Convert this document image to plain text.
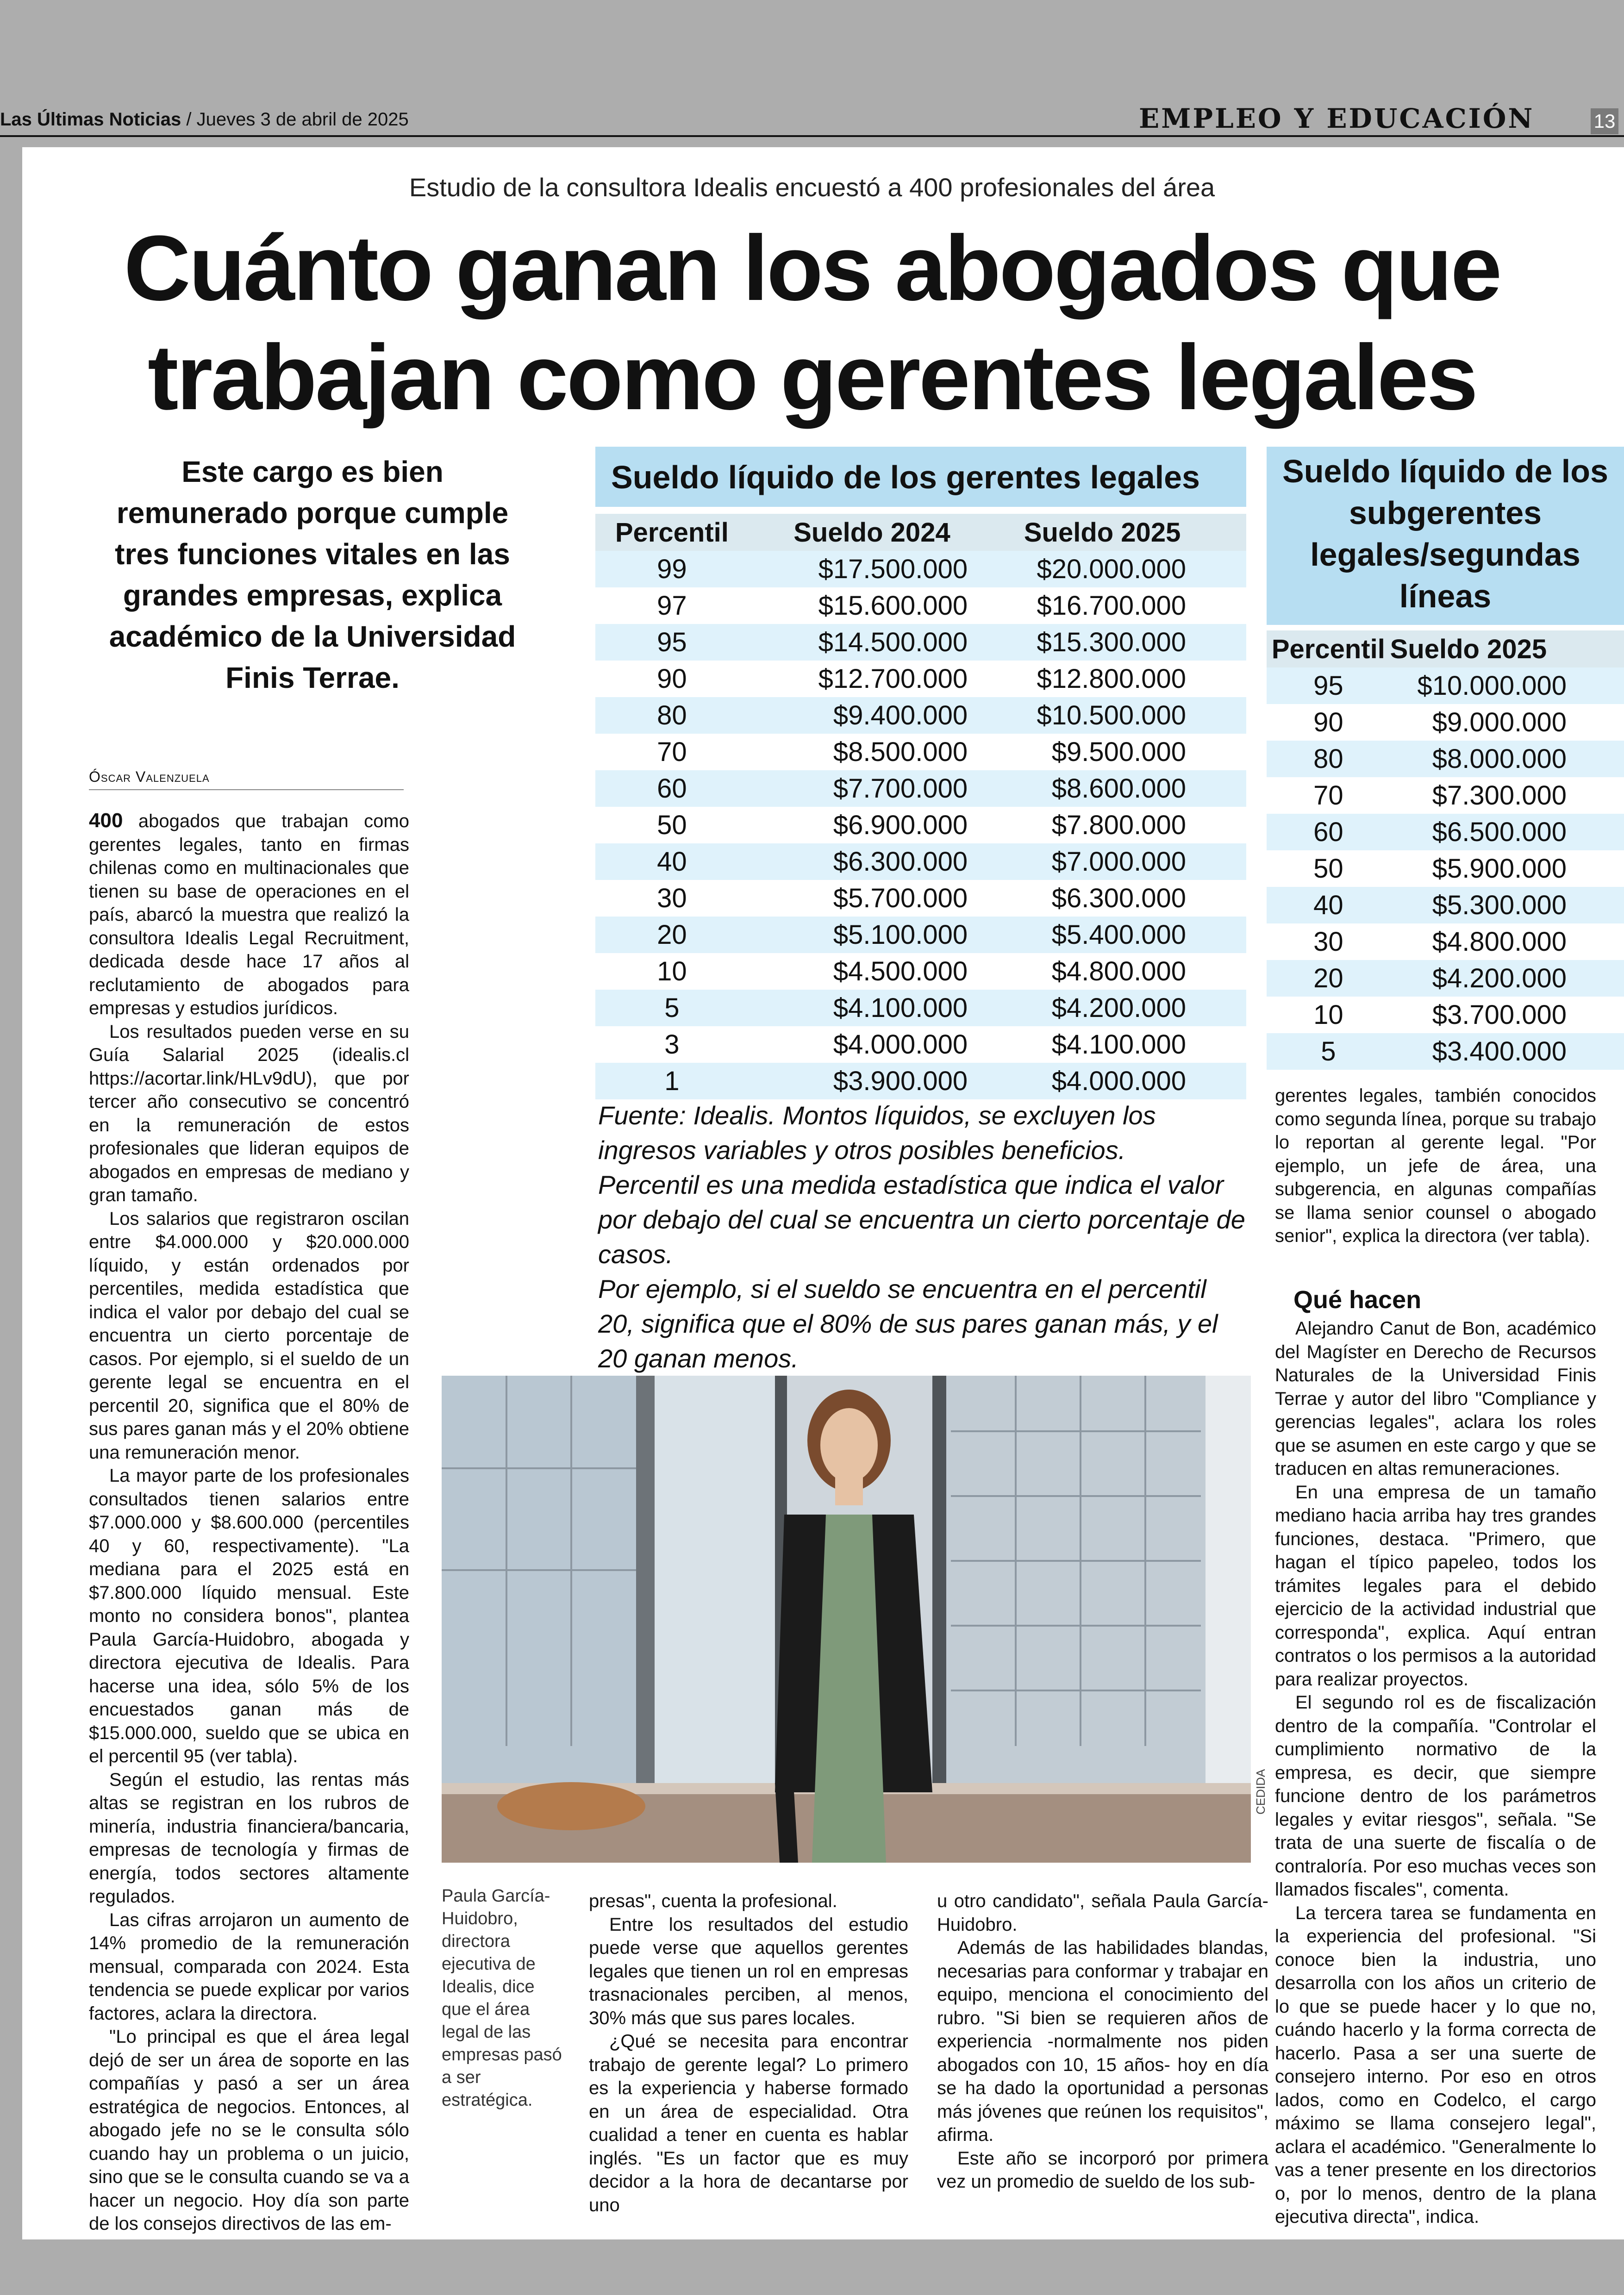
Las Últimas Noticias / Jueves 3 de abril de 2025	EMPLEO Y EDUCACIÓN	13
Estudio de la consultora Idealis encuestó a 400 profesionales del área
Cuánto ganan los abogados que
trabajan como gerentes legales
Este cargo es bien remunerado porque cumple tres funciones vitales en las grandes empresas, explica académico de la Universidad Finis Terrae.
Óscar Valenzuela

400 abogados que trabajan como gerentes legales, tanto en firmas chilenas como en multinacionales que tienen su base de operaciones en el país, abarcó la muestra que realizó la consultora Idealis Legal Recruitment, dedicada desde hace 17 años al reclutamiento de abogados para empresas y estudios jurídicos.

Los resultados pueden verse en su Guía Salarial 2025 (idealis.cl https://acortar.link/HLv9dU), que por tercer año consecutivo se concentró en la remuneración de estos profesionales que lideran equipos de abogados en empresas de mediano y gran tamaño.

Los salarios que registraron oscilan entre $4.000.000 y $20.000.000 líquido, y están ordenados por percentiles, medida estadística que indica el valor por debajo del cual se encuentra un cierto porcentaje de casos. Por ejemplo, si el sueldo de un gerente legal se encuentra en el percentil 20, significa que el 80% de sus pares ganan más y el 20% obtiene una remuneración menor.

La mayor parte de los profesionales consultados tienen salarios entre $7.000.000 y $8.600.000 (percentiles 40 y 60, respectivamente). "La mediana para el 2025 está en $7.800.000 líquido mensual. Este monto no considera bonos", plantea Paula García-Huidobro, abogada y directora ejecutiva de Idealis. Para hacerse una idea, sólo 5% de los encuestados ganan más de $15.000.000, sueldo que se ubica en el percentil 95 (ver tabla).

Según el estudio, las rentas más altas se registran en los rubros de minería, industria financiera/bancaria, empresas de tecnología y firmas de energía, todos sectores altamente regulados.

Las cifras arrojaron un aumento de 14% promedio de la remuneración mensual, comparada con 2024. Esta tendencia se puede explicar por varios factores, aclara la directora.

"Lo principal es que el área legal dejó de ser un área de soporte en las compañías y pasó a ser un área estratégica de negocios. Entonces, al abogado jefe no se le consulta sólo cuando hay un problema o un juicio, sino que se le consulta cuando se va a hacer un negocio. Hoy día son parte de los consejos directivos de las em-

Sueldo líquido de los gerentes legales
Percentil	Sueldo 2024	Sueldo 2025
99	$17.500.000	$20.000.000
97	$15.600.000	$16.700.000
95	$14.500.000	$15.300.000
90	$12.700.000	$12.800.000
80	$9.400.000	$10.500.000
70	$8.500.000	$9.500.000
60	$7.700.000	$8.600.000
50	$6.900.000	$7.800.000
40	$6.300.000	$7.000.000
30	$5.700.000	$6.300.000
20	$5.100.000	$5.400.000
10	$4.500.000	$4.800.000
5	$4.100.000	$4.200.000
3	$4.000.000	$4.100.000
1	$3.900.000	$4.000.000

Fuente: Idealis. Montos líquidos, se excluyen los ingresos variables y otros posibles beneficios.

Percentil es una medida estadística que indica el valor por debajo del cual se encuentra un cierto porcentaje de casos.

Por ejemplo, si el sueldo se encuentra en el percentil 20, significa que el 80% de sus pares ganan más, y el 20 ganan menos.

Sueldo líquido de los subgerentes legales/segundas líneas
Percentil	Sueldo 2025
95	$10.000.000
90	$9.000.000
80	$8.000.000
70	$7.300.000
60	$6.500.000
50	$5.900.000
40	$5.300.000
30	$4.800.000
20	$4.200.000
10	$3.700.000
5	$3.400.000

gerentes legales, también conocidos como segunda línea, porque su trabajo lo reportan al gerente legal. "Por ejemplo, un jefe de área, una subgerencia, en algunas compañías se llama senior counsel o abogado senior", explica la directora (ver tabla).

Qué hacen

Alejandro Canut de Bon, académico del Magíster en Derecho de Recursos Naturales de la Universidad Finis Terrae y autor del libro "Compliance y gerencias legales", aclara los roles que se asumen en este cargo y que se traducen en altas remuneraciones.

En una empresa de un tamaño mediano hacia arriba hay tres grandes funciones, destaca. "Primero, que hagan el típico papeleo, todos los trámites legales para el debido ejercicio de la actividad industrial que corresponda", explica. Aquí entran contratos o los permisos a la autoridad para realizar proyectos.

El segundo rol es de fiscalización dentro de la compañía. "Controlar el cumplimiento normativo de la empresa, es decir, que siempre funcione dentro de los parámetros legales y evitar riesgos", señala. "Se trata de una suerte de fiscalía o de contraloría. Por eso muchas veces son llamados fiscales", comenta.

La tercera tarea se fundamenta en la experiencia del profesional. "Si conoce bien la industria, uno desarrolla con los años un criterio de lo que se puede hacer y lo que no, cuándo hacerlo y la forma correcta de hacerlo. Pasa a ser una suerte de consejero interno. Por eso en otros lados, como en Codelco, el cargo máximo se llama consejero legal", aclara el académico. "Generalmente lo vas a tener presente en los directorios o, por lo menos, dentro de la plana ejecutiva directa", indica.

CEDIDA
Paula García-Huidobro, directora ejecutiva de Idealis, dice que el área legal de las empresas pasó a ser estratégica.

presas", cuenta la profesional.

Entre los resultados del estudio puede verse que aquellos gerentes legales que tienen un rol en empresas trasnacionales perciben, al menos, 30% más que sus pares locales.

¿Qué se necesita para encontrar trabajo de gerente legal? Lo primero es la experiencia y haberse formado en un área de especialidad. Otra cualidad a tener en cuenta es hablar inglés. "Es un factor que es muy decidor a la hora de decantarse por uno

u otro candidato", señala Paula García-Huidobro.

Además de las habilidades blandas, necesarias para conformar y trabajar en equipo, menciona el conocimiento del rubro. "Si bien se requieren años de experiencia -normalmente nos piden abogados con 10, 15 años- hoy en día se ha dado la oportunidad a personas más jóvenes que reúnen los requisitos", afirma.

Este año se incorporó por primera vez un promedio de sueldo de los sub-
